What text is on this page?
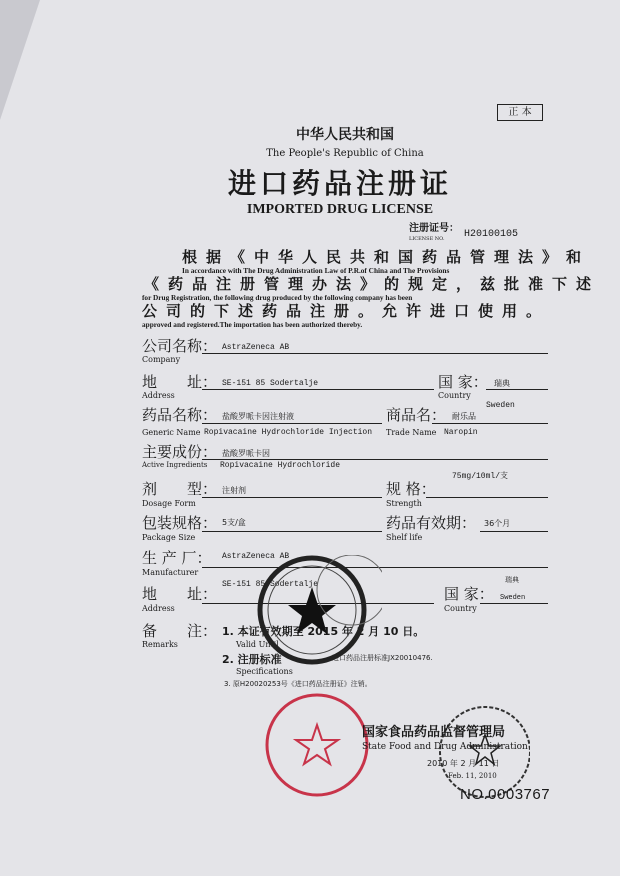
正 本
中华人民共和国
The People's Republic of China
进口药品注册证
IMPORTED DRUG LICENSE
注册证号：
LICENSE NO. H20100105
根据《中华人民共和国药品管理法》和
In accordance with The Drug Administration Law of P.R.of China and The Provisions
《药品注册管理办法》的规定，兹批准下述
for Drug Registration, the following drug produced by the following company has been
公司的下述药品注册。允许进口使用。
approved and registered.The importation has been authorized thereby.
公司名称：
Company
AstraZeneca AB
地　　址：
Address
SE-151 85 Sodertalje	国 家：
Country
瑞典
Sweden
药品名称：
Generic Name
盐酸罗哌卡因注射液
Ropivacaine Hydrochloride Injection
商品名：
Trade Name
耐乐品
Naropin
主要成份：
Active Ingredients
盐酸罗哌卡因
Ropivacaine Hydrochloride
剂　　型：
Dosage Form
注射剂	规 格：
Strength
75mg/10ml/支
包装规格：
Package Size
5支/盒	药品有效期：
Shelf life
36个月
生 产 厂：
Manufacturer
AstraZeneca AB
地　　址：
Address
SE-151 85 Sodertalje
国 家：
Country
瑞典
Sweden
备　　注：
Remarks
1. 本证有效期至 2015 年 2 月 10 日。
Valid Until
2. 注册标准
Specifications
进口药品注册标准JX20010476.
3. 原H20020253号《进口药品注册证》注销。
国家食品药品监督管理局
State Food and Drug Administration
2010 年 2 月 11 日
Feb. 11, 2010
NO.0003767
